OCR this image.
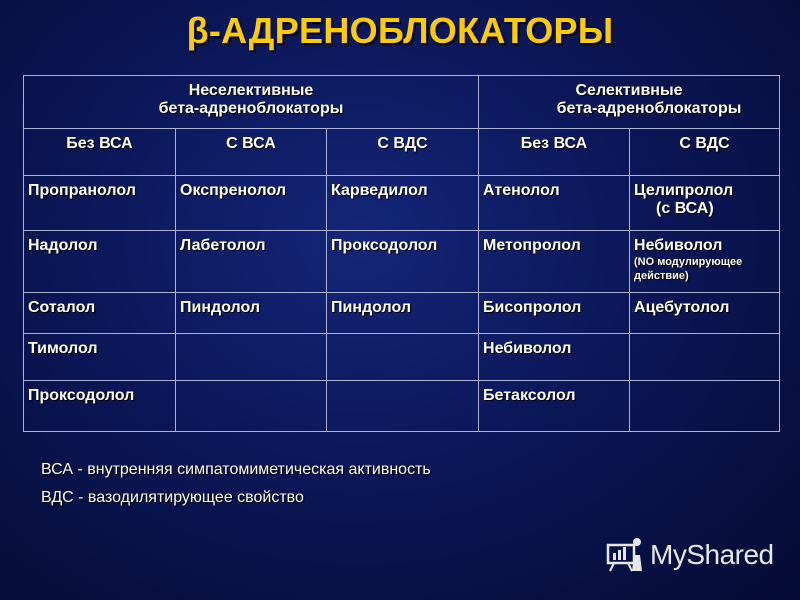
β-АДРЕНОБЛОКАТОРЫ
Неселективные
бета-адреноблокаторы			Селективные
бета-адреноблокаторы	
Без ВСА	С ВСА	С ВДС	Без ВСА	С ВДС
Пропранолол	Окспренолол	Карведилол	Атенолол	Целипролол
(с ВСА)

Надолол	Лабетолол	Проксодолол	Метопролол	Небиволол
(NO модулирующее действие)

Соталол	Пиндолол	Пиндолол	Бисопролол	Ацебутолол
Тимолол			Небиволол	
Проксодолол			Бетаксолол	
ВСА - внутренняя симпатомиметическая активность
ВДС - вазодилятирующее свойство
MyShared
